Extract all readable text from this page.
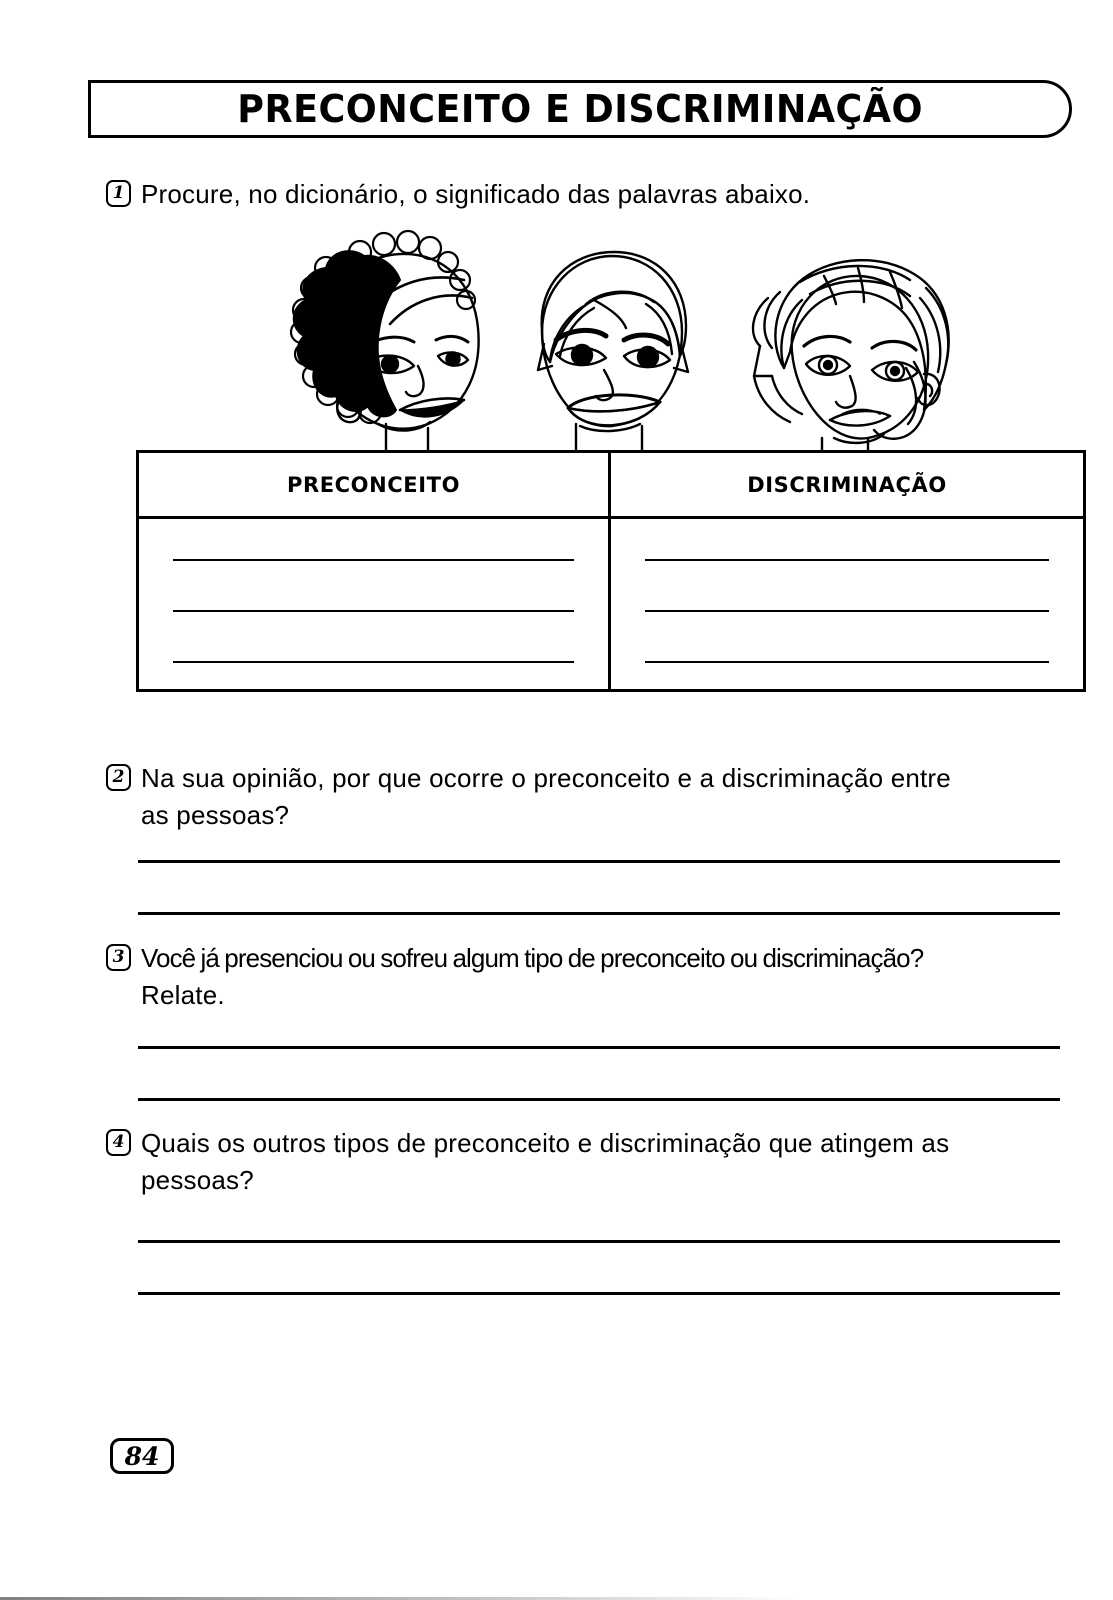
PRECONCEITO E DISCRIMINAÇÃO
1 Procure, no dicionário, o significado das palavras abaixo.
PRECONCEITO	DISCRIMINAÇÃO
2 Na sua opinião, por que ocorre o preconceito e a discriminação entre
as pessoas?
3 Você já presenciou ou sofreu algum tipo de preconceito ou discriminação?
Relate.
4 Quais os outros tipos de preconceito e discriminação que atingem as
pessoas?
84
